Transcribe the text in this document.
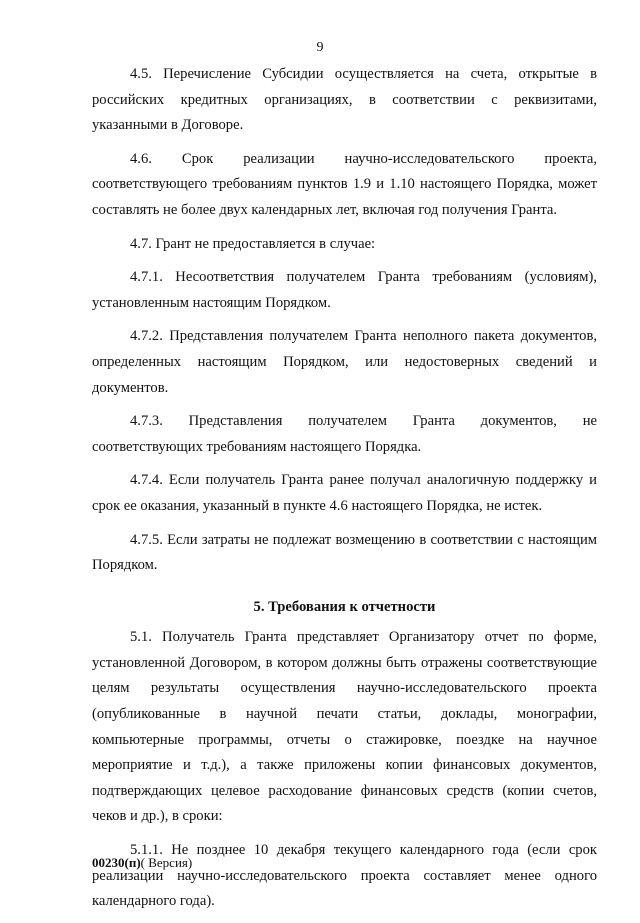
9

4.5. Перечисление Субсидии осуществляется на счета, открытые в российских кредитных организациях, в соответствии с реквизитами, указанными в Договоре.

4.6. Срок реализации научно-исследовательского проекта, соответствующего требованиям пунктов 1.9 и 1.10 настоящего Порядка, может составлять не более двух календарных лет, включая год получения Гранта.

4.7. Грант не предоставляется в случае:

4.7.1. Несоответствия получателем Гранта требованиям (условиям), установленным настоящим Порядком.

4.7.2. Представления получателем Гранта неполного пакета документов, определенных настоящим Порядком, или недостоверных сведений и документов.

4.7.3. Представления получателем Гранта документов, не соответствующих требованиям настоящего Порядка.

4.7.4. Если получатель Гранта ранее получал аналогичную поддержку и срок ее оказания, указанный в пункте 4.6 настоящего Порядка, не истек.

4.7.5. Если затраты не подлежат возмещению в соответствии с настоящим Порядком.

5. Требования к отчетности

5.1. Получатель Гранта представляет Организатору отчет по форме, установленной Договором, в котором должны быть отражены соответствующие целям результаты осуществления научно-исследовательского проекта (опубликованные в научной печати статьи, доклады, монографии, компьютерные программы, отчеты о стажировке, поездке на научное мероприятие и т.д.), а также приложены копии финансовых документов, подтверждающих целевое расходование финансовых средств (копии счетов, чеков и др.), в сроки:

5.1.1. Не позднее 10 декабря текущего календарного года (если срок реализации научно-исследовательского проекта составляет менее одного календарного года).

00230(п)( Версия)
